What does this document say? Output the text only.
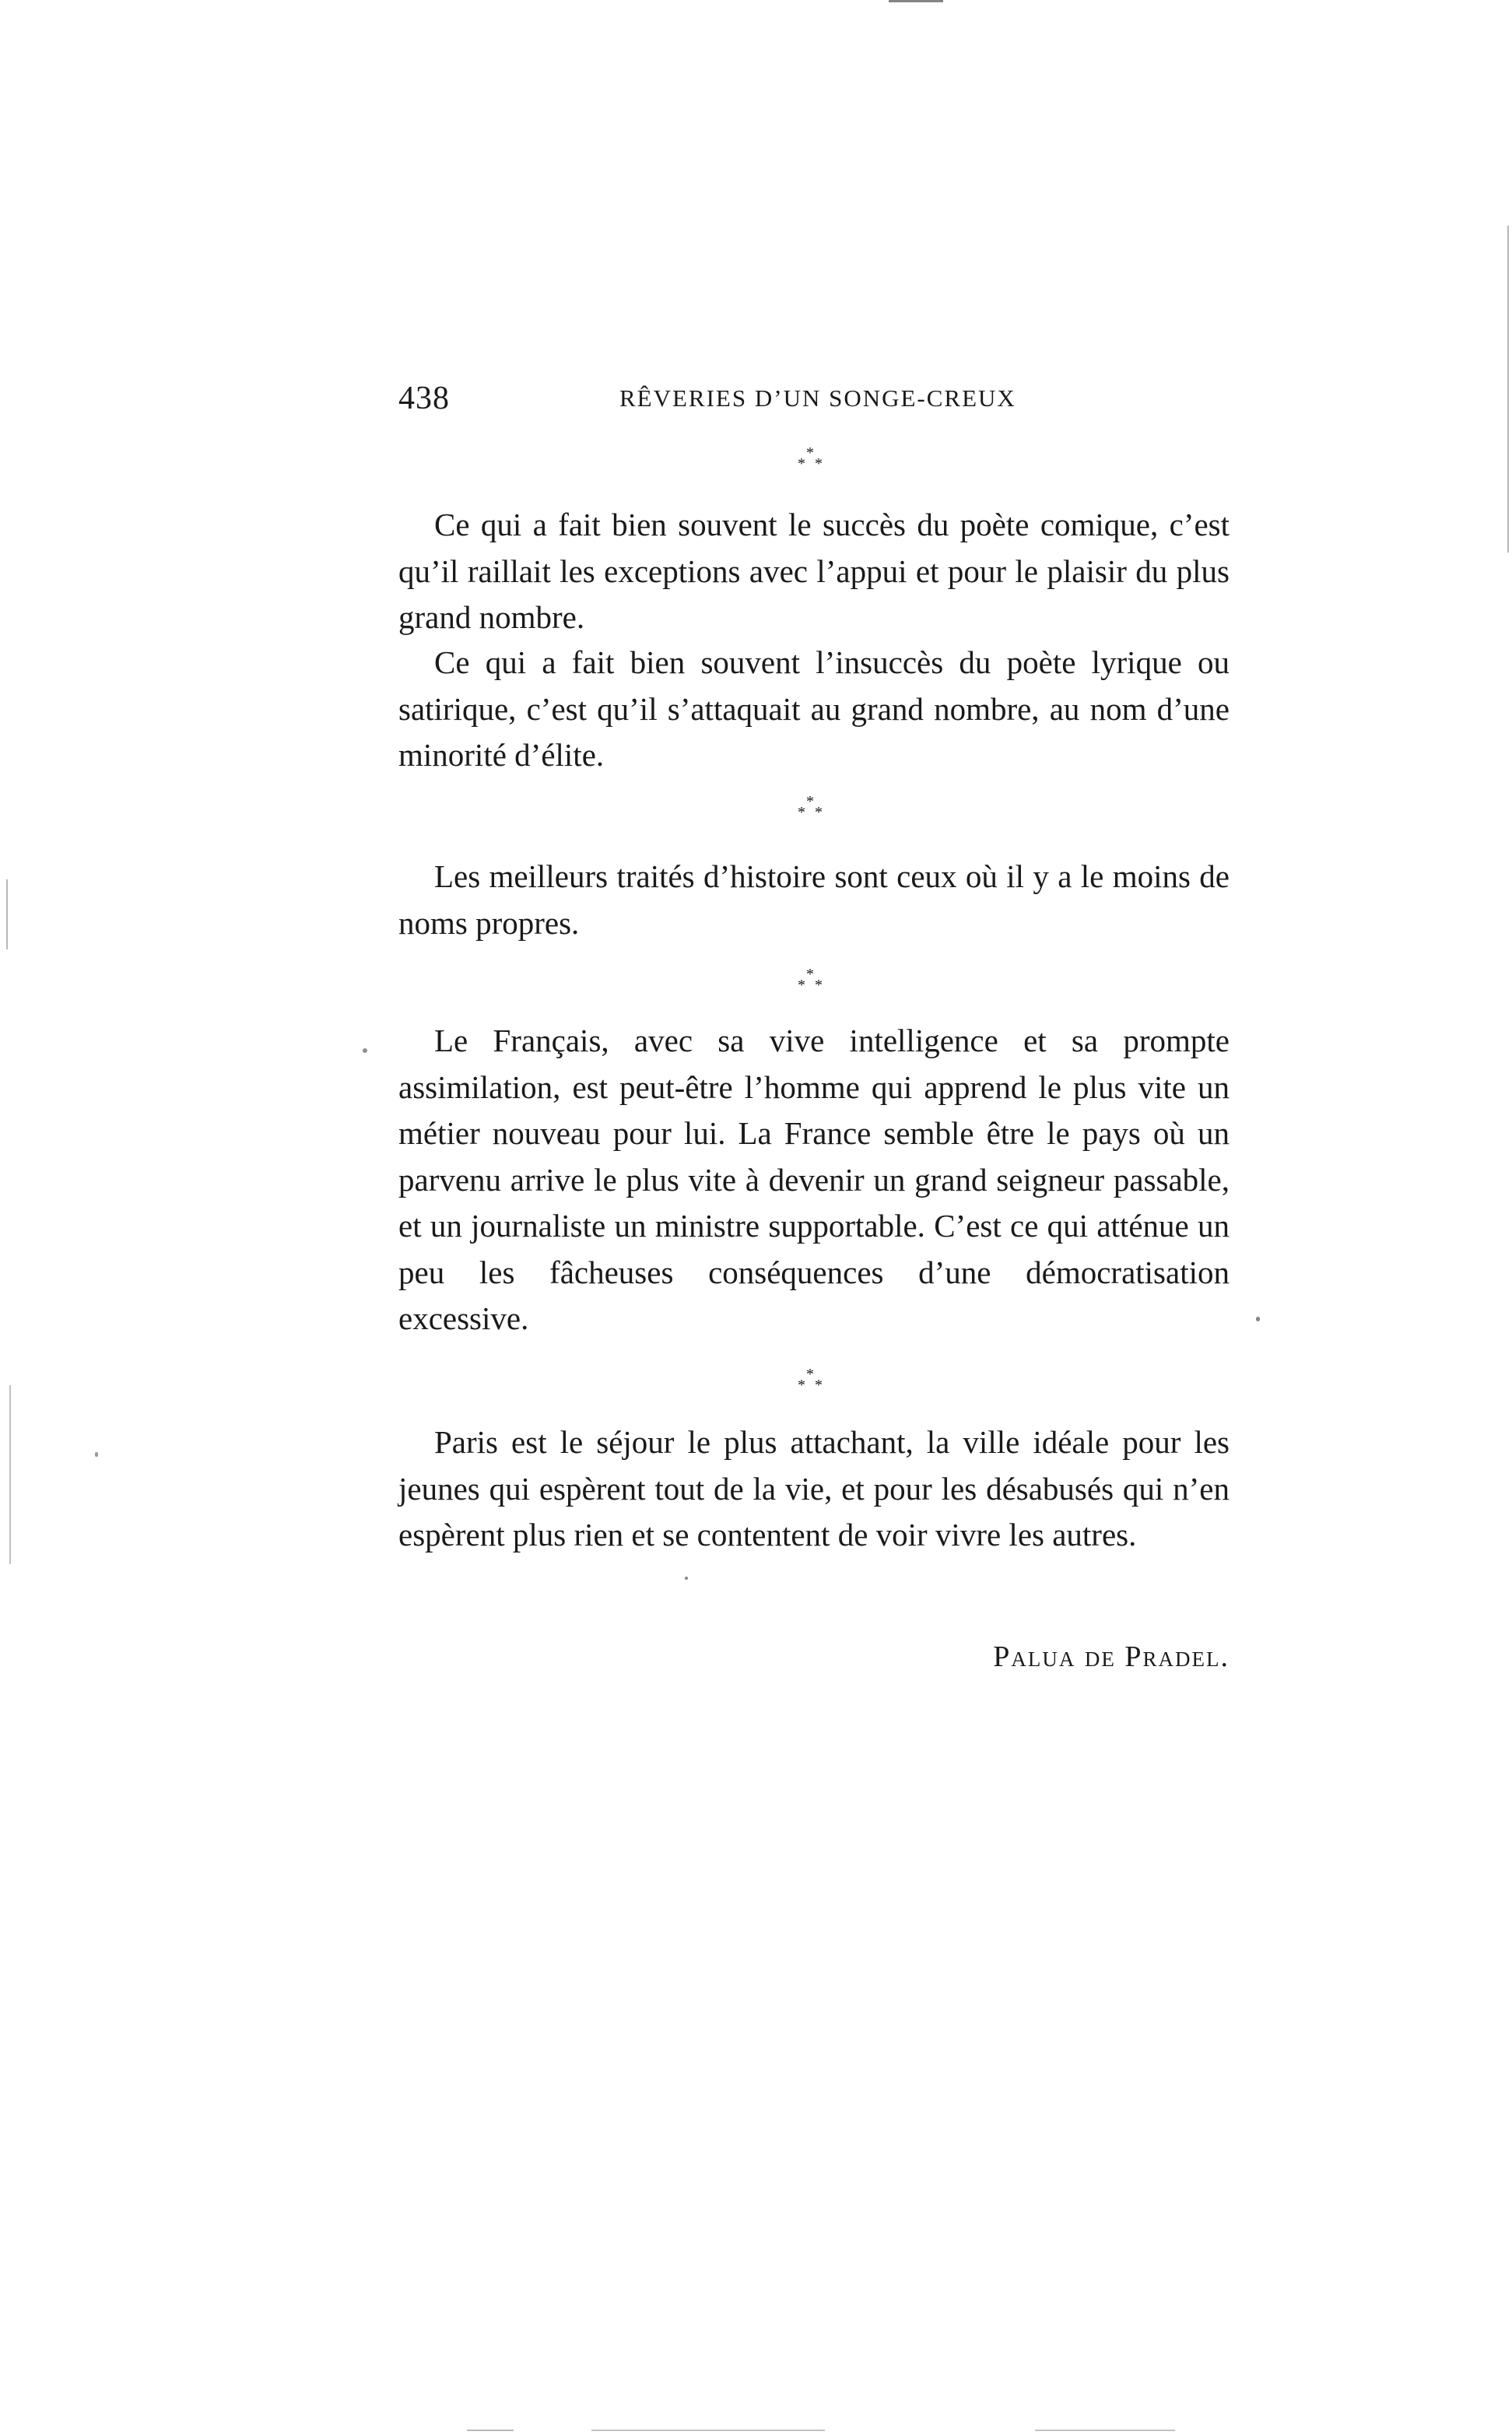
438	RÊVERIES D’UN SONGE-CREUX
*
* *

Ce qui a fait bien souvent le succès du poète comique, c’est qu’il raillait les exceptions avec l’appui et pour le plaisir du plus grand nombre.

Ce qui a fait bien souvent l’insuccès du poète lyrique ou satirique, c’est qu’il s’attaquait au grand nombre, au nom d’une minorité d’élite.

*
* *

Les meilleurs traités d’histoire sont ceux où il y a le moins de noms propres.

*
* *

Le Français, avec sa vive intelligence et sa prompte assimilation, est peut-être l’homme qui apprend le plus vite un métier nouveau pour lui. La France semble être le pays où un parvenu arrive le plus vite à devenir un grand seigneur passable, et un journaliste un ministre supportable. C’est ce qui atténue un peu les fâcheuses conséquences d’une démocratisation excessive.

*
* *

Paris est le séjour le plus attachant, la ville idéale pour les jeunes qui espèrent tout de la vie, et pour les désabusés qui n’en espèrent plus rien et se contentent de voir vivre les autres.

Palua de Pradel.
